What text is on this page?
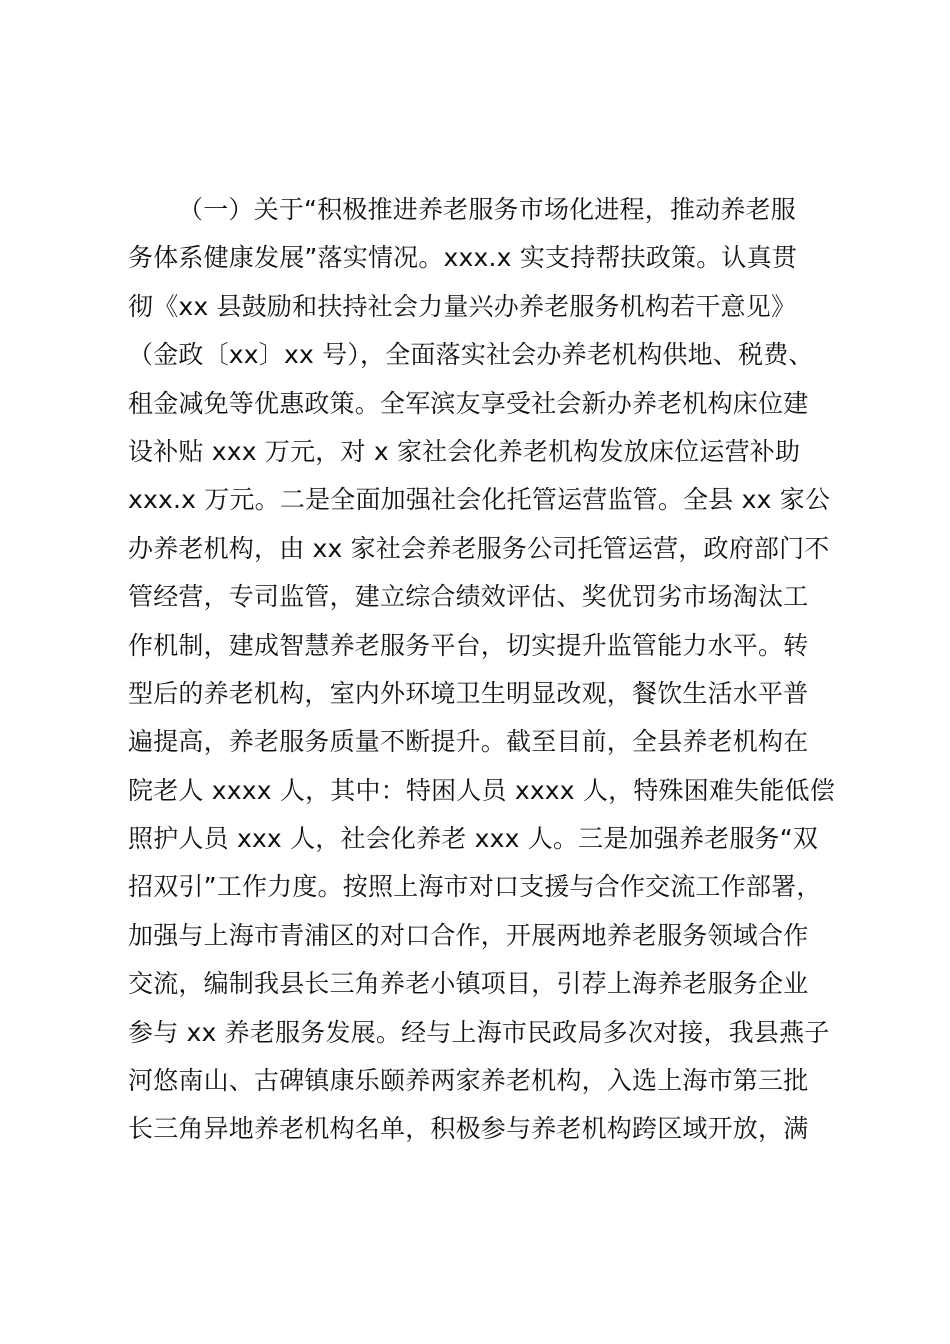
（一）关于“积极推进养老服务市场化进程，推动养老服
务体系健康发展”落实情况。xxx.x 实支持帮扶政策。认真贯
彻《xx 县鼓励和扶持社会力量兴办养老服务机构若干意见》
（金政〔xx〕xx 号），全面落实社会办养老机构供地、税费、
租金减免等优惠政策。全军滨友享受社会新办养老机构床位建
设补贴 xxx 万元，对 x 家社会化养老机构发放床位运营补助
xxx.x 万元。二是全面加强社会化托管运营监管。全县 xx 家公
办养老机构，由 xx 家社会养老服务公司托管运营，政府部门不
管经营，专司监管，建立综合绩效评估、奖优罚劣市场淘汰工
作机制，建成智慧养老服务平台，切实提升监管能力水平。转
型后的养老机构，室内外环境卫生明显改观，餐饮生活水平普
遍提高，养老服务质量不断提升。截至目前，全县养老机构在
院老人 xxxx 人，其中：特困人员 xxxx 人，特殊困难失能低偿
照护人员 xxx 人，社会化养老 xxx 人。三是加强养老服务“双
招双引”工作力度。按照上海市对口支援与合作交流工作部署，
加强与上海市青浦区的对口合作，开展两地养老服务领域合作
交流，编制我县长三角养老小镇项目，引荐上海养老服务企业
参与 xx 养老服务发展。经与上海市民政局多次对接，我县燕子
河悠南山、古碑镇康乐颐养两家养老机构，入选上海市第三批
长三角异地养老机构名单，积极参与养老机构跨区域开放，满
